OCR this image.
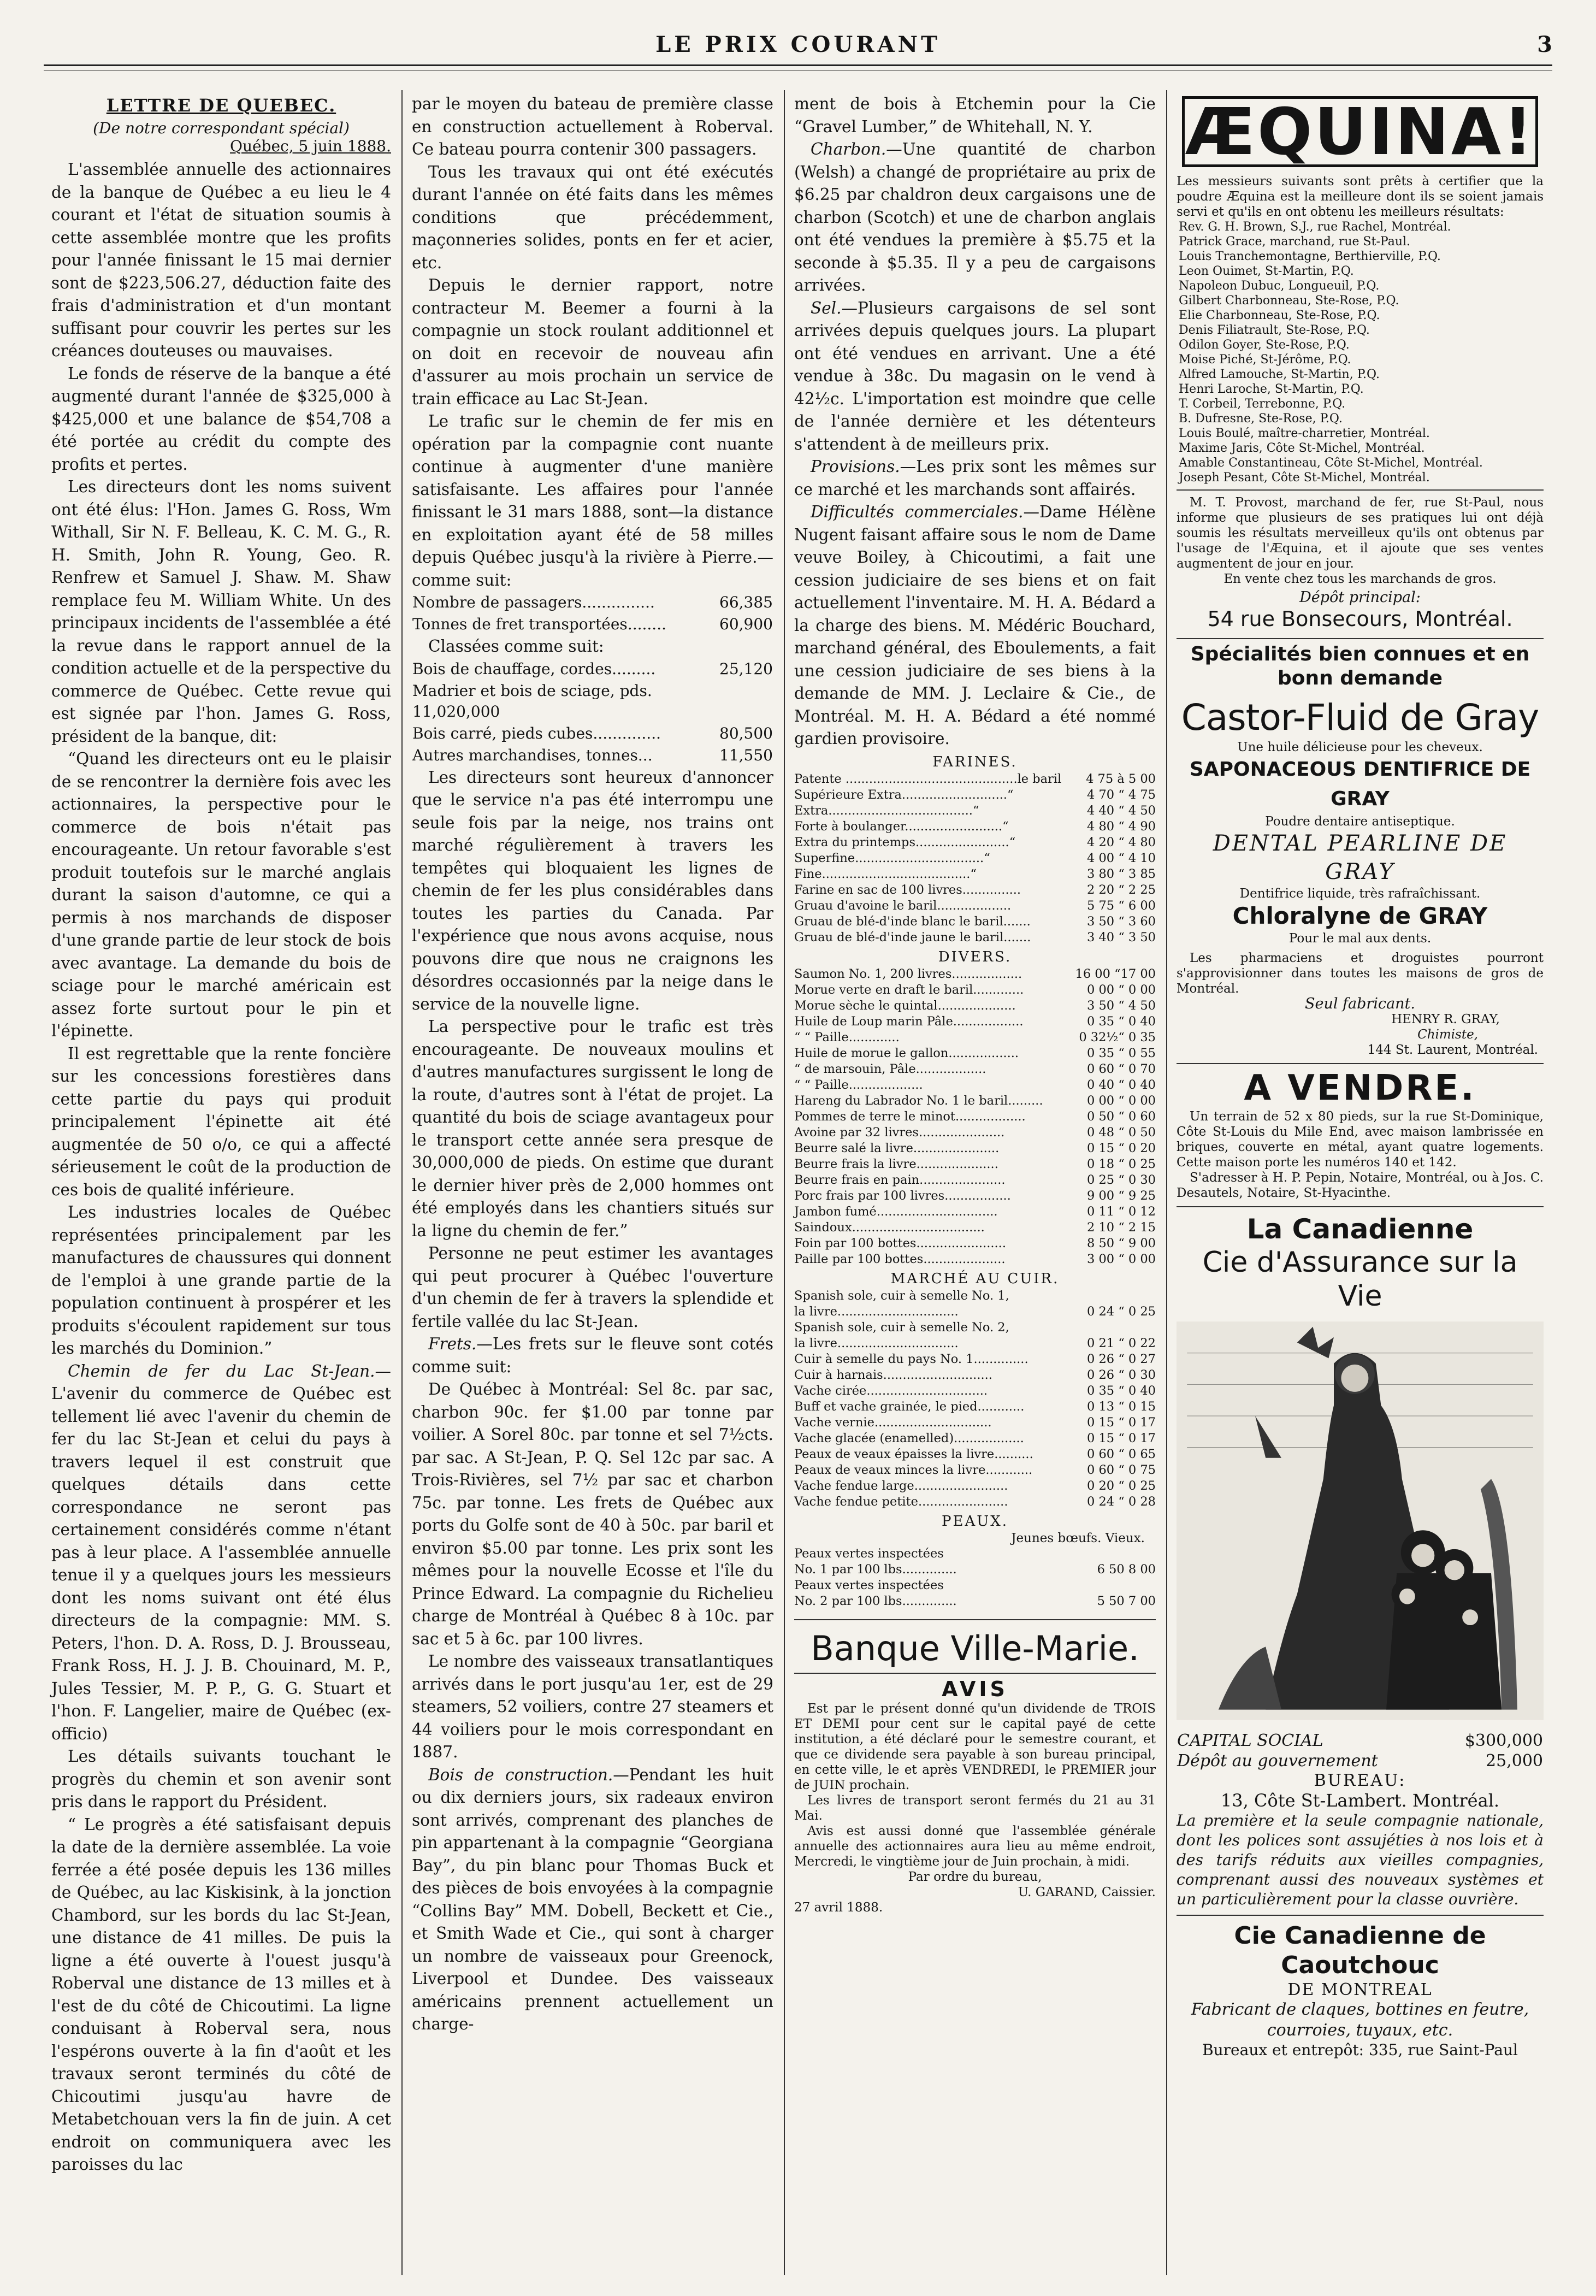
LE PRIX COURANT	3
LETTRE DE QUEBEC.
(De notre correspondant spécial)
Québec, 5 juin 1888.

L'assemblée annuelle des actionnaires de la banque de Québec a eu lieu le 4 courant et l'état de situation soumis à cette assemblée montre que les profits pour l'année finissant le 15 mai dernier sont de $223,506.27, déduction faite des frais d'administration et d'un montant suffisant pour couvrir les pertes sur les créances douteuses ou mauvaises.

Le fonds de réserve de la banque a été augmenté durant l'année de $325,000 à $425,000 et une balance de $54,708 a été portée au crédit du compte des profits et pertes.

Les directeurs dont les noms suivent ont été élus: l'Hon. James G. Ross, Wm Withall, Sir N. F. Belleau, K. C. M. G., R. H. Smith, John R. Young, Geo. R. Renfrew et Samuel J. Shaw. M. Shaw remplace feu M. William White. Un des principaux incidents de l'assemblée a été la revue dans le rapport annuel de la condition actuelle et de la perspective du commerce de Québec. Cette revue qui est signée par l'hon. James G. Ross, président de la banque, dit:

“Quand les directeurs ont eu le plaisir de se rencontrer la dernière fois avec les actionnaires, la perspective pour le commerce de bois n'était pas encourageante. Un retour favorable s'est produit toutefois sur le marché anglais durant la saison d'automne, ce qui a permis à nos marchands de disposer d'une grande partie de leur stock de bois avec avantage. La demande du bois de sciage pour le marché américain est assez forte surtout pour le pin et l'épinette.

Il est regrettable que la rente foncière sur les concessions forestières dans cette partie du pays qui produit principalement l'épinette ait été augmentée de 50 o/o, ce qui a affecté sérieusement le coût de la production de ces bois de qualité inférieure.

Les industries locales de Québec représentées principalement par les manufactures de chaussures qui donnent de l'emploi à une grande partie de la population continuent à prospérer et les produits s'écoulent rapidement sur tous les marchés du Dominion.”

Chemin de fer du Lac St-Jean.—L'avenir du commerce de Québec est tellement lié avec l'avenir du chemin de fer du lac St-Jean et celui du pays à travers lequel il est construit que quelques détails dans cette correspondance ne seront pas certainement considérés comme n'étant pas à leur place. A l'assemblée annuelle tenue il y a quelques jours les messieurs dont les noms suivant ont été élus directeurs de la compagnie: MM. S. Peters, l'hon. D. A. Ross, D. J. Brousseau, Frank Ross, H. J. J. B. Chouinard, M. P., Jules Tessier, M. P. P., G. G. Stuart et l'hon. F. Langelier, maire de Québec (ex-officio)

Les détails suivants touchant le progrès du chemin et son avenir sont pris dans le rapport du Président.

“ Le progrès a été satisfaisant depuis la date de la dernière assemblée. La voie ferrée a été posée depuis les 136 milles de Québec, au lac Kiskisink, à la jonction Chambord, sur les bords du lac St-Jean, une distance de 41 milles. De puis la ligne a été ouverte à l'ouest jusqu'à Roberval une distance de 13 milles et à l'est de du côté de Chicoutimi. La ligne conduisant à Roberval sera, nous l'espérons ouverte à la fin d'août et les travaux seront terminés du côté de Chicoutimi jusqu'au havre de Metabetchouan vers la fin de juin. A cet endroit on communiquera avec les paroisses du lac

par le moyen du bateau de première classe en construction actuellement à Roberval. Ce bateau pourra contenir 300 passagers.

Tous les travaux qui ont été exécutés durant l'année on été faits dans les mêmes conditions que précédemment, maçonneries solides, ponts en fer et acier, etc.

Depuis le dernier rapport, notre contracteur M. Beemer a fourni à la compagnie un stock roulant additionnel et on doit en recevoir de nouveau afin d'assurer au mois prochain un service de train efficace au Lac St-Jean.

Le trafic sur le chemin de fer mis en opération par la compagnie cont nuante continue à augmenter d'une manière satisfaisante. Les affaires pour l'année finissant le 31 mars 1888, sont—la distance en exploitation ayant été de 58 milles depuis Québec jusqu'à la rivière à Pierre.—comme suit:

Nombre de passagers...............	66,385
Tonnes de fret transportées........	60,900
Classées comme suit:
Bois de chauffage, cordes.........	25,120
Madrier et bois de sciage, pds. 11,020,000	
Bois carré, pieds cubes..............	80,500
Autres marchandises, tonnes...	11,550

Les directeurs sont heureux d'annoncer que le service n'a pas été interrompu une seule fois par la neige, nos trains ont marché régulièrement à travers les tempêtes qui bloquaient les lignes de chemin de fer les plus considérables dans toutes les parties du Canada. Par l'expérience que nous avons acquise, nous pouvons dire que nous ne craignons les désordres occasionnés par la neige dans le service de la nouvelle ligne.

La perspective pour le trafic est très encourageante. De nouveaux moulins et d'autres manufactures surgissent le long de la route, d'autres sont à l'état de projet. La quantité du bois de sciage avantageux pour le transport cette année sera presque de 30,000,000 de pieds. On estime que durant le dernier hiver près de 2,000 hommes ont été employés dans les chantiers situés sur la ligne du chemin de fer.”

Personne ne peut estimer les avantages qui peut procurer à Québec l'ouverture d'un chemin de fer à travers la splendide et fertile vallée du lac St-Jean.

Frets.—Les frets sur le fleuve sont cotés comme suit:

De Québec à Montréal: Sel 8c. par sac, charbon 90c. fer $1.00 par tonne par voilier. A Sorel 80c. par tonne et sel 7½cts. par sac. A St-Jean, P. Q. Sel 12c par sac. A Trois-Rivières, sel 7½ par sac et charbon 75c. par tonne. Les frets de Québec aux ports du Golfe sont de 40 à 50c. par baril et environ $5.00 par tonne. Les prix sont les mêmes pour la nouvelle Ecosse et l'île du Prince Edward. La compagnie du Richelieu charge de Montréal à Québec 8 à 10c. par sac et 5 à 6c. par 100 livres.

Le nombre des vaisseaux transatlantiques arrivés dans le port jusqu'au 1er, est de 29 steamers, 52 voiliers, contre 27 steamers et 44 voiliers pour le mois correspondant en 1887.

Bois de construction.—Pendant les huit ou dix derniers jours, six radeaux environ sont arrivés, comprenant des planches de pin appartenant à la compagnie “Georgiana Bay”, du pin blanc pour Thomas Buck et des pièces de bois envoyées à la compagnie “Collins Bay” MM. Dobell, Beckett et Cie., et Smith Wade et Cie., qui sont à charger un nombre de vaisseaux pour Greenock, Liverpool et Dundee. Des vaisseaux américains prennent actuellement un charge-

ment de bois à Etchemin pour la Cie “Gravel Lumber,” de Whitehall, N. Y.

Charbon.—Une quantité de charbon (Welsh) a changé de propriétaire au prix de $6.25 par chaldron deux cargaisons une de charbon (Scotch) et une de charbon anglais ont été vendues la première à $5.75 et la seconde à $5.35. Il y a peu de cargaisons arrivées.

Sel.—Plusieurs cargaisons de sel sont arrivées depuis quelques jours. La plupart ont été vendues en arrivant. Une a été vendue à 38c. Du magasin on le vend à 42½c. L'importation est moindre que celle de l'année dernière et les détenteurs s'attendent à de meilleurs prix.

Provisions.—Les prix sont les mêmes sur ce marché et les marchands sont affairés.

Difficultés commerciales.—Dame Hélène Nugent faisant affaire sous le nom de Dame veuve Boiley, à Chicoutimi, a fait une cession judiciaire de ses biens et on fait actuellement l'inventaire. M. H. A. Bédard a la charge des biens. M. Médéric Bouchard, marchand général, des Eboulements, a fait une cession judiciaire de ses biens à la demande de MM. J. Leclaire & Cie., de Montréal. M. H. A. Bédard a été nommé gardien provisoire.

FARINES.
Patente ............................................le baril	4 75 à 5 00
Supérieure Extra...........................“	4 70 “ 4 75
Extra.....................................“	4 40 “ 4 50
Forte à boulanger.........................“	4 80 “ 4 90
Extra du printemps........................“	4 20 “ 4 80
Superfine.................................“	4 00 “ 4 10
Fine......................................“	3 80 “ 3 85
Farine en sac de 100 livres...............	2 20 “ 2 25
Gruau d'avoine le baril...................	5 75 “ 6 00
Gruau de blé-d'inde blanc le baril.......	3 50 “ 3 60
Gruau de blé-d'inde jaune le baril.......	3 40 “ 3 50
DIVERS.
Saumon No. 1, 200 livres..................	16 00 “17 00
Morue verte en draft le baril.............	0 00 “ 0 00
Morue sèche le quintal....................	3 50 “ 4 50
Huile de Loup marin Pâle..................	0 35 “ 0 40
“ “ Paille.............	0 32½“ 0 35
Huile de morue le gallon..................	0 35 “ 0 55
“ de marsouin, Pâle..................	0 60 “ 0 70
“ “ Paille...................	0 40 “ 0 40
Hareng du Labrador No. 1 le baril.........	0 00 “ 0 00
Pommes de terre le minot..................	0 50 “ 0 60
Avoine par 32 livres......................	0 48 “ 0 50
Beurre salé la livre......................	0 15 “ 0 20
Beurre frais la livre.....................	0 18 “ 0 25
Beurre frais en pain......................	0 25 “ 0 30
Porc frais par 100 livres.................	9 00 “ 9 25
Jambon fumé...............................	0 11 “ 0 12
Saindoux..................................	2 10 “ 2 15
Foin par 100 bottes.......................	8 50 “ 9 00
Paille par 100 bottes.....................	3 00 “ 0 00
MARCHÉ AU CUIR.
Spanish sole, cuir à semelle No. 1,	
la livre...............................	0 24 “ 0 25
Spanish sole, cuir à semelle No. 2,	
la livre...............................	0 21 “ 0 22
Cuir à semelle du pays No. 1..............	0 26 “ 0 27
Cuir à harnais............................	0 26 “ 0 30
Vache cirée...............................	0 35 “ 0 40
Buff et vache grainée, le pied............	0 13 “ 0 15
Vache vernie..............................	0 15 “ 0 17
Vache glacée (enamelled)..................	0 15 “ 0 17
Peaux de veaux épaisses la livre..........	0 60 “ 0 65
Peaux de veaux minces la livre............	0 60 “ 0 75
Vache fendue large........................	0 20 “ 0 25
Vache fendue petite.......................	0 24 “ 0 28
PEAUX.
Jeunes bœufs. Vieux.
Peaux vertes inspectées	
No. 1 par 100 lbs..............	6 50 8 00
Peaux vertes inspectées	
No. 2 par 100 lbs..............	5 50 7 00
Banque Ville-Marie.
AVIS
Est par le présent donné qu'un dividende de TROIS ET DEMI pour cent sur le capital payé de cette institution, a été déclaré pour le semestre courant, et que ce dividende sera payable à son bureau principal, en cette ville, le et après VENDREDI, le PREMIER jour de JUIN prochain.
Les livres de transport seront fermés du 21 au 31 Mai.
Avis est aussi donné que l'assemblée générale annuelle des actionnaires aura lieu au même endroit, Mercredi, le vingtième jour de Juin prochain, à midi.
Par ordre du bureau,
U. GARAND, Caissier.
27 avril 1888.
ÆQUINA!
Les messieurs suivants sont prêts à certifier que la poudre Æquina est la meilleure dont ils se soient jamais servi et qu'ils en ont obtenu les meilleurs résultats:

Rev. G. H. Brown, S.J., rue Rachel, Montréal.

Patrick Grace, marchand, rue St-Paul.

Louis Tranchemontagne, Berthierville, P.Q.

Leon Ouimet, St-Martin, P.Q.

Napoleon Dubuc, Longueuil, P.Q.

Gilbert Charbonneau, Ste-Rose, P.Q.

Elie Charbonneau, Ste-Rose, P.Q.

Denis Filiatrault, Ste-Rose, P.Q.

Odilon Goyer, Ste-Rose, P.Q.

Moise Piché, St-Jérôme, P.Q.

Alfred Lamouche, St-Martin, P.Q.

Henri Laroche, St-Martin, P.Q.

T. Corbeil, Terrebonne, P.Q.

B. Dufresne, Ste-Rose, P.Q.

Louis Boulé, maître-charretier, Montréal.

Maxime Jaris, Côte St-Michel, Montréal.

Amable Constantineau, Côte St-Michel, Montréal.

Joseph Pesant, Côte St-Michel, Montréal.

M. T. Provost, marchand de fer, rue St-Paul, nous informe que plusieurs de ses pratiques lui ont déjà soumis les résultats merveilleux qu'ils ont obtenus par l'usage de l'Æquina, et il ajoute que ses ventes augmentent de jour en jour.
En vente chez tous les marchands de gros.
Dépôt principal:
54 rue Bonsecours, Montréal.
Spécialités bien connues et en bonn demande
Castor-Fluid de Gray
Une huile délicieuse pour les cheveux.
SAPONACEOUS DENTIFRICE DE GRAY
Poudre dentaire antiseptique.
DENTAL PEARLINE DE GRAY
Dentifrice liquide, très rafraîchissant.
Chloralyne de GRAY
Pour le mal aux dents.
Les pharmaciens et droguistes pourront s'approvisionner dans toutes les maisons de gros de Montréal.
Seul fabricant.
HENRY R. GRAY,
Chimiste,
144 St. Laurent, Montréal.
A VENDRE.
Un terrain de 52 x 80 pieds, sur la rue St-Dominique, Côte St-Louis du Mile End, avec maison lambrissée en briques, couverte en métal, ayant quatre logements. Cette maison porte les numéros 140 et 142.
S'adresser à H. P. Pepin, Notaire, Montréal, ou à Jos. C. Desautels, Notaire, St-Hyacinthe.
La Canadienne
Cie d'Assurance sur la Vie
CAPITAL SOCIAL	$300,000
Dépôt au gouvernement	25,000
BUREAU:
13, Côte St-Lambert. Montréal.
La première et la seule compagnie nationale, dont les polices sont assujéties à nos lois et à des tarifs réduits aux vieilles compagnies, comprenant aussi des nouveaux systèmes et un particulièrement pour la classe ouvrière.
Cie Canadienne de Caoutchouc
DE MONTREAL
Fabricant de claques, bottines en feutre, courroies, tuyaux, etc.
Bureaux et entrepôt: 335, rue Saint-Paul
